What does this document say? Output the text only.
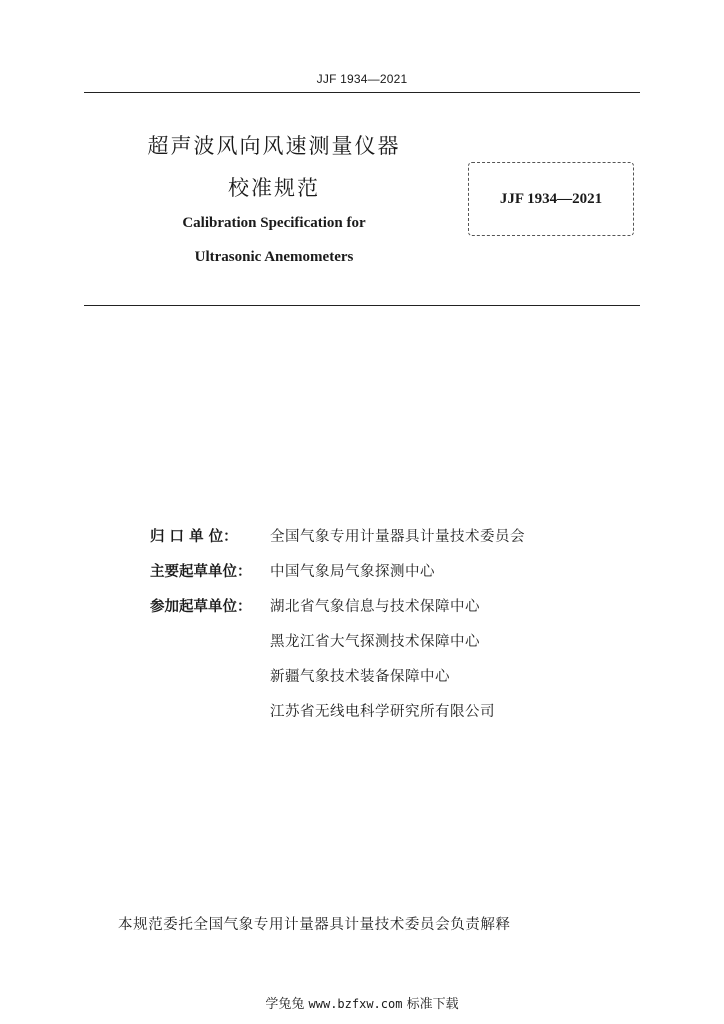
JJF 1934—2021
超声波风向风速测量仪器
校准规范
Calibration Specification for
Ultrasonic Anemometers
JJF 1934—2021
归 口 单 位：	全国气象专用计量器具计量技术委员会
主要起草单位：	中国气象局气象探测中心
参加起草单位：	湖北省气象信息与技术保障中心
黑龙江省大气探测技术保障中心
新疆气象技术装备保障中心
江苏省无线电科学研究所有限公司
本规范委托全国气象专用计量器具计量技术委员会负责解释
学兔兔 www.bzfxw.com 标准下载
